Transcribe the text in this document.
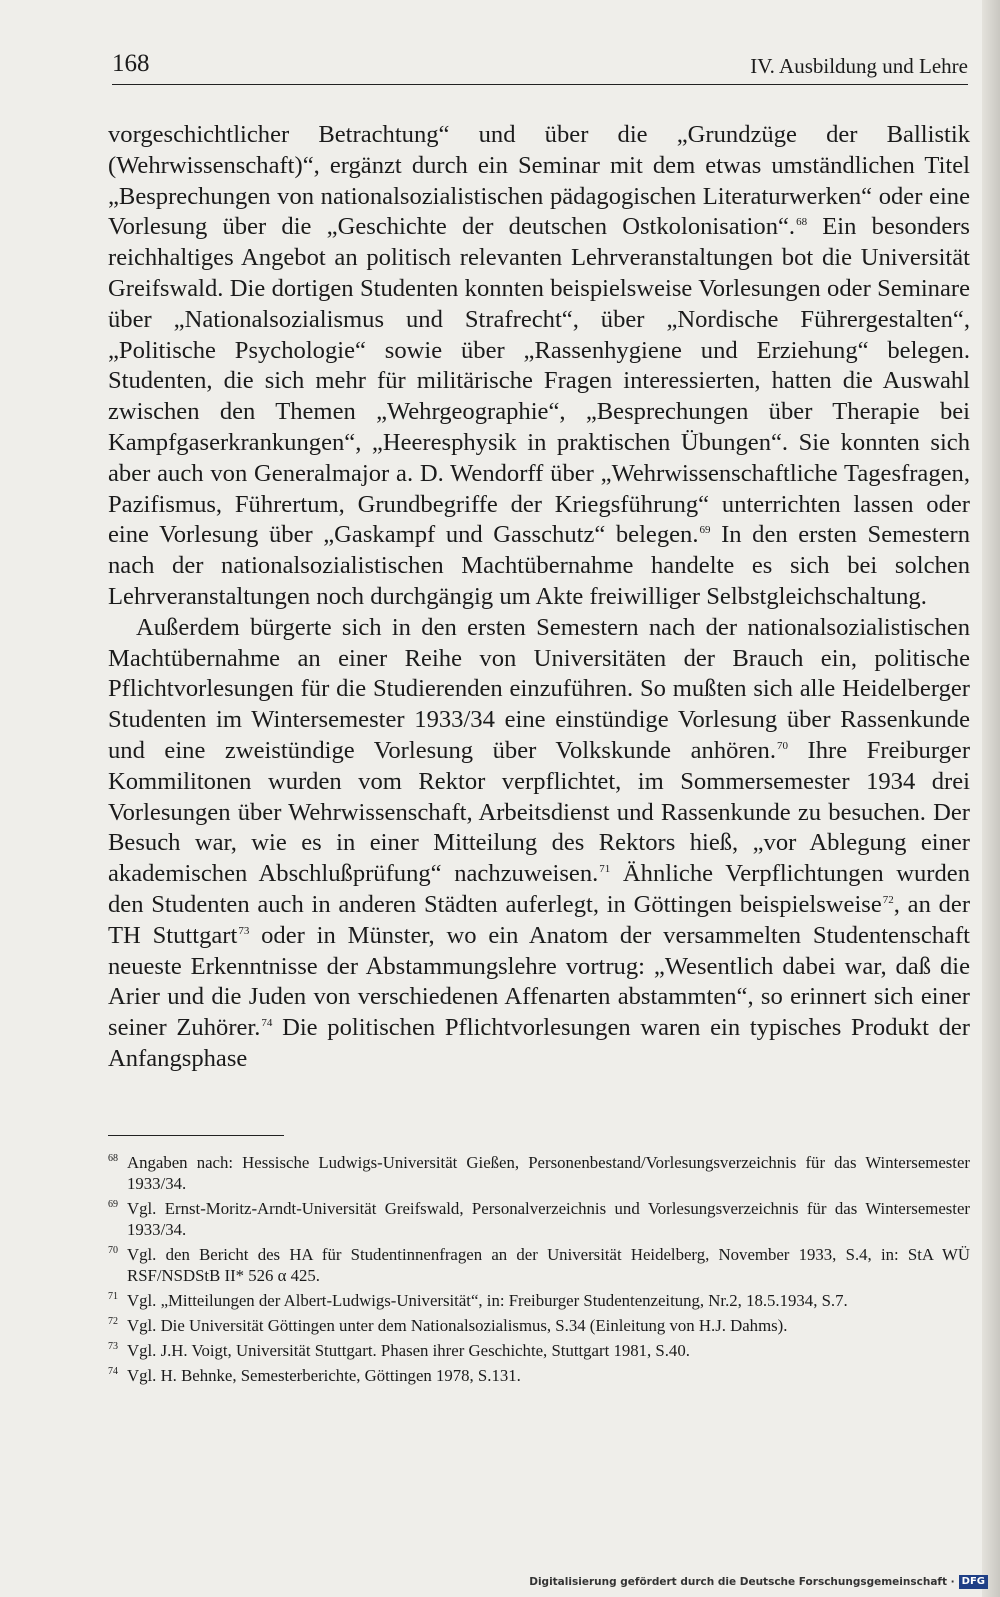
168	IV. Ausbildung und Lehre

vorgeschichtlicher Betrachtung“ und über die „Grundzüge der Ballistik (Wehrwissenschaft)“, ergänzt durch ein Seminar mit dem etwas umständlichen Titel „Besprechungen von nationalsozialistischen pädagogischen Literaturwerken“ oder eine Vorlesung über die „Geschichte der deutschen Ostkolonisation“.$^{68}$ Ein besonders reichhaltiges Angebot an politisch relevanten Lehrveranstaltungen bot die Universität Greifswald. Die dortigen Studenten konnten beispielsweise Vorlesungen oder Seminare über „Nationalsozialismus und Strafrecht“, über „Nordische Führergestalten“, „Politische Psychologie“ sowie über „Rassenhygiene und Erziehung“ belegen. Studenten, die sich mehr für militärische Fragen interessierten, hatten die Auswahl zwischen den Themen „Wehrgeographie“, „Besprechungen über Therapie bei Kampfgaserkrankungen“, „Heeresphysik in praktischen Übungen“. Sie konnten sich aber auch von Generalmajor a. D. Wendorff über „Wehrwissenschaftliche Tagesfragen, Pazifismus, Führertum, Grundbegriffe der Kriegsführung“ unterrichten lassen oder eine Vorlesung über „Gaskampf und Gasschutz“ belegen.$^{69}$ In den ersten Semestern nach der nationalsozialistischen Machtübernahme handelte es sich bei solchen Lehrveranstaltungen noch durchgängig um Akte freiwilliger Selbstgleichschaltung.

Außerdem bürgerte sich in den ersten Semestern nach der nationalsozialistischen Machtübernahme an einer Reihe von Universitäten der Brauch ein, politische Pflichtvorlesungen für die Studierenden einzuführen. So mußten sich alle Heidelberger Studenten im Wintersemester 1933/34 eine einstündige Vorlesung über Rassenkunde und eine zweistündige Vorlesung über Volkskunde anhören.$^{70}$ Ihre Freiburger Kommilitonen wurden vom Rektor verpflichtet, im Sommersemester 1934 drei Vorlesungen über Wehrwissenschaft, Arbeitsdienst und Rassenkunde zu besuchen. Der Besuch war, wie es in einer Mitteilung des Rektors hieß, „vor Ablegung einer akademischen Abschlußprüfung“ nachzuweisen.$^{71}$ Ähnliche Verpflichtungen wurden den Studenten auch in anderen Städten auferlegt, in Göttingen beispielsweise$^{72}$, an der TH Stuttgart$^{73}$ oder in Münster, wo ein Anatom der versammelten Studentenschaft neueste Erkenntnisse der Abstammungslehre vortrug: „Wesentlich dabei war, daß die Arier und die Juden von verschiedenen Affenarten abstammten“, so erinnert sich einer seiner Zuhörer.$^{74}$ Die politischen Pflichtvorlesungen waren ein typisches Produkt der Anfangsphase

68 Angaben nach: Hessische Ludwigs-Universität Gießen, Personenbestand/Vorlesungsverzeichnis für das Wintersemester 1933/34.
69 Vgl. Ernst-Moritz-Arndt-Universität Greifswald, Personalverzeichnis und Vorlesungsverzeichnis für das Wintersemester 1933/34.
70 Vgl. den Bericht des HA für Studentinnenfragen an der Universität Heidelberg, November 1933, S.4, in: StA WÜ RSF/NSDStB II* 526 α 425.
71 Vgl. „Mitteilungen der Albert-Ludwigs-Universität“, in: Freiburger Studentenzeitung, Nr.2, 18.5.1934, S.7.
72 Vgl. Die Universität Göttingen unter dem Nationalsozialismus, S.34 (Einleitung von H.J. Dahms).
73 Vgl. J.H. Voigt, Universität Stuttgart. Phasen ihrer Geschichte, Stuttgart 1981, S.40.
74 Vgl. H. Behnke, Semesterberichte, Göttingen 1978, S.131.
Digitalisierung gefördert durch die Deutsche Forschungsgemeinschaft · DFG
